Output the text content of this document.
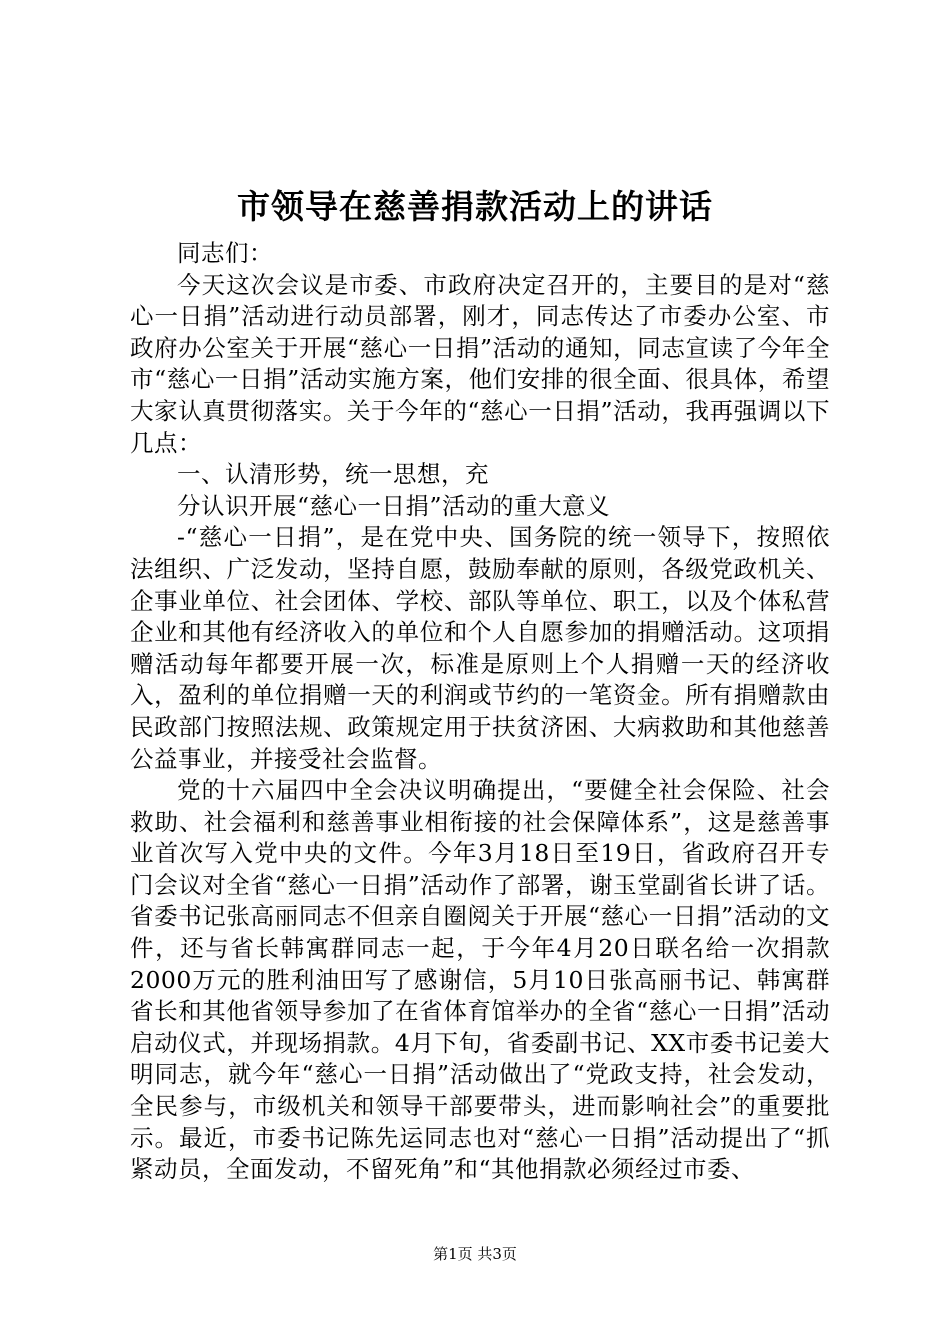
市领导在慈善捐款活动上的讲话

同志们：

今天这次会议是市委、市政府决定召开的，主要目的是对“慈心一日捐”活动进行动员部署，刚才，同志传达了市委办公室、市政府办公室关于开展“慈心一日捐”活动的通知，同志宣读了今年全市“慈心一日捐”活动实施方案，他们安排的很全面、很具体，希望大家认真贯彻落实。关于今年的“慈心一日捐”活动，我再强调以下几点：

一、认清形势，统一思想，充

分认识开展“慈心一日捐”活动的重大意义

-“慈心一日捐”，是在党中央、国务院的统一领导下，按照依法组织、广泛发动，坚持自愿，鼓励奉献的原则，各级党政机关、企事业单位、社会团体、学校、部队等单位、职工，以及个体私营企业和其他有经济收入的单位和个人自愿参加的捐赠活动。这项捐赠活动每年都要开展一次，标准是原则上个人捐赠一天的经济收入，盈利的单位捐赠一天的利润或节约的一笔资金。所有捐赠款由民政部门按照法规、政策规定用于扶贫济困、大病救助和其他慈善公益事业，并接受社会监督。

党的十六届四中全会决议明确提出，“要健全社会保险、社会救助、社会福利和慈善事业相衔接的社会保障体系”，这是慈善事业首次写入党中央的文件。今年3月18日至19日，省政府召开专门会议对全省“慈心一日捐”活动作了部署，谢玉堂副省长讲了话。省委书记张高丽同志不但亲自圈阅关于开展“慈心一日捐”活动的文件，还与省长韩寓群同志一起，于今年4月20日联名给一次捐款2000万元的胜利油田写了感谢信，5月10日张高丽书记、韩寓群省长和其他省领导参加了在省体育馆举办的全省“慈心一日捐”活动启动仪式，并现场捐款。4月下旬，省委副书记、XX市委书记姜大明同志，就今年“慈心一日捐”活动做出了“党政支持，社会发动，全民参与，市级机关和领导干部要带头，进而影响社会”的重要批示。最近，市委书记陈先运同志也对“慈心一日捐”活动提出了“抓紧动员，全面发动，不留死角”和“其他捐款必须经过市委、

第1页 共3页
